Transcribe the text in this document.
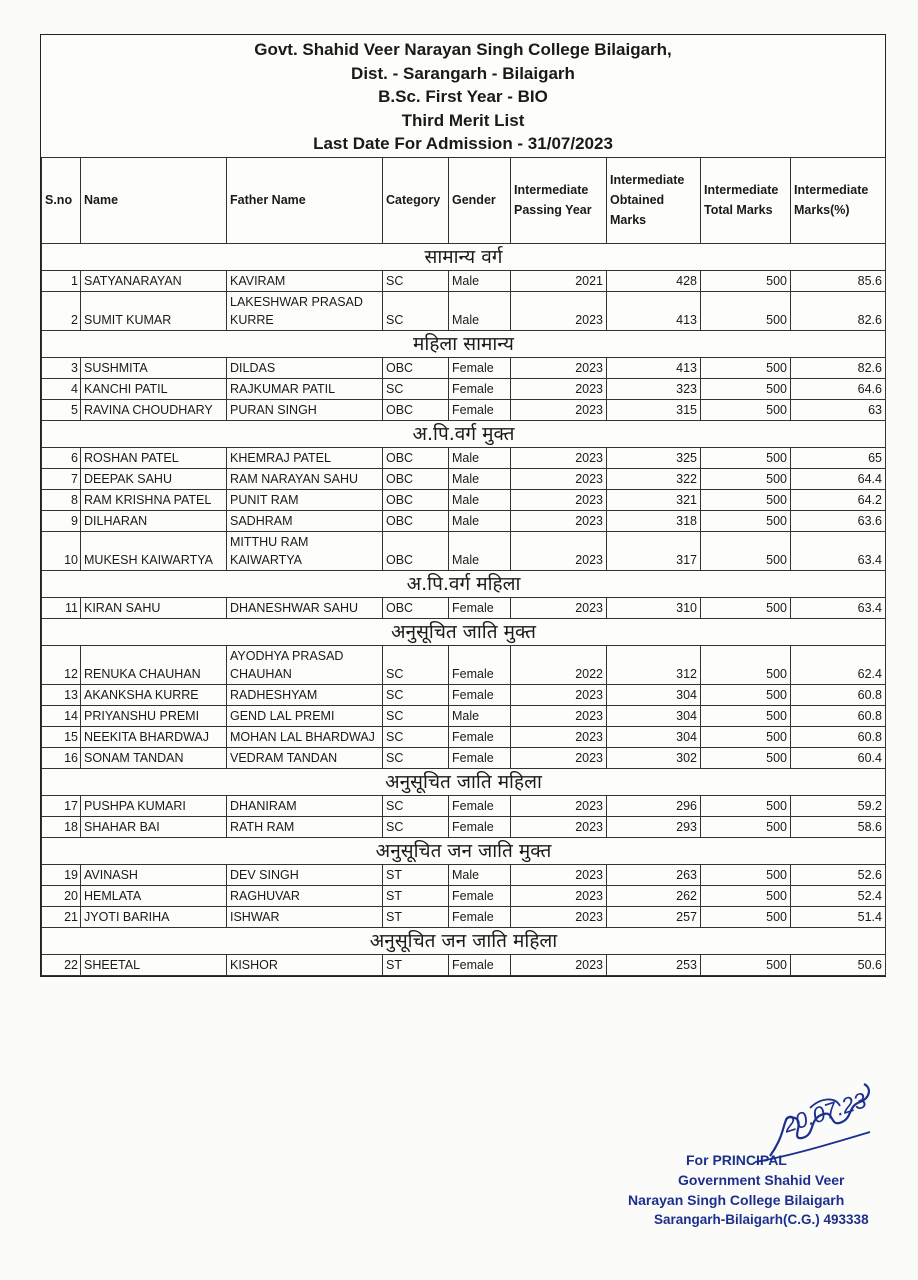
Govt. Shahid Veer Narayan Singh College Bilaigarh,
Dist. - Sarangarh - Bilaigarh
B.Sc. First Year - BIO
Third Merit List
Last Date For Admission - 31/07/2023
S.no	Name	Father Name	Category	Gender	Intermediate Passing Year	Intermediate Obtained Marks	Intermediate Total Marks	Intermediate Marks(%)
सामान्य वर्ग								
1	SATYANARAYAN	KAVIRAM	SC	Male	2021	428	500	85.6
2	SUMIT KUMAR	LAKESHWAR PRASAD KURRE	SC	Male	2023	413	500	82.6
महिला सामान्य								
3	SUSHMITA	DILDAS	OBC	Female	2023	413	500	82.6
4	KANCHI PATIL	RAJKUMAR PATIL	SC	Female	2023	323	500	64.6
5	RAVINA CHOUDHARY	PURAN SINGH	OBC	Female	2023	315	500	63
अ.पि.वर्ग मुक्त								
6	ROSHAN PATEL	KHEMRAJ PATEL	OBC	Male	2023	325	500	65
7	DEEPAK SAHU	RAM NARAYAN SAHU	OBC	Male	2023	322	500	64.4
8	RAM KRISHNA PATEL	PUNIT RAM	OBC	Male	2023	321	500	64.2
9	DILHARAN	SADHRAM	OBC	Male	2023	318	500	63.6
10	MUKESH KAIWARTYA	MITTHU RAM KAIWARTYA	OBC	Male	2023	317	500	63.4
अ.पि.वर्ग महिला								
11	KIRAN SAHU	DHANESHWAR SAHU	OBC	Female	2023	310	500	63.4
अनुसूचित जाति मुक्त								
12	RENUKA CHAUHAN	AYODHYA PRASAD CHAUHAN	SC	Female	2022	312	500	62.4
13	AKANKSHA KURRE	RADHESHYAM	SC	Female	2023	304	500	60.8
14	PRIYANSHU PREMI	GEND LAL PREMI	SC	Male	2023	304	500	60.8
15	NEEKITA BHARDWAJ	MOHAN LAL BHARDWAJ	SC	Female	2023	304	500	60.8
16	SONAM TANDAN	VEDRAM TANDAN	SC	Female	2023	302	500	60.4
अनुसूचित जाति महिला								
17	PUSHPA KUMARI	DHANIRAM	SC	Female	2023	296	500	59.2
18	SHAHAR BAI	RATH RAM	SC	Female	2023	293	500	58.6
अनुसूचित जन जाति मुक्त								
19	AVINASH	DEV SINGH	ST	Male	2023	263	500	52.6
20	HEMLATA	RAGHUVAR	ST	Female	2023	262	500	52.4
21	JYOTI BARIHA	ISHWAR	ST	Female	2023	257	500	51.4
अनुसूचित जन जाति महिला								
22	SHEETAL	KISHOR	ST	Female	2023	253	500	50.6
20.07.23
For PRINCIPAL
Government Shahid Veer
Narayan Singh College Bilaigarh
Sarangarh-Bilaigarh(C.G.) 493338
